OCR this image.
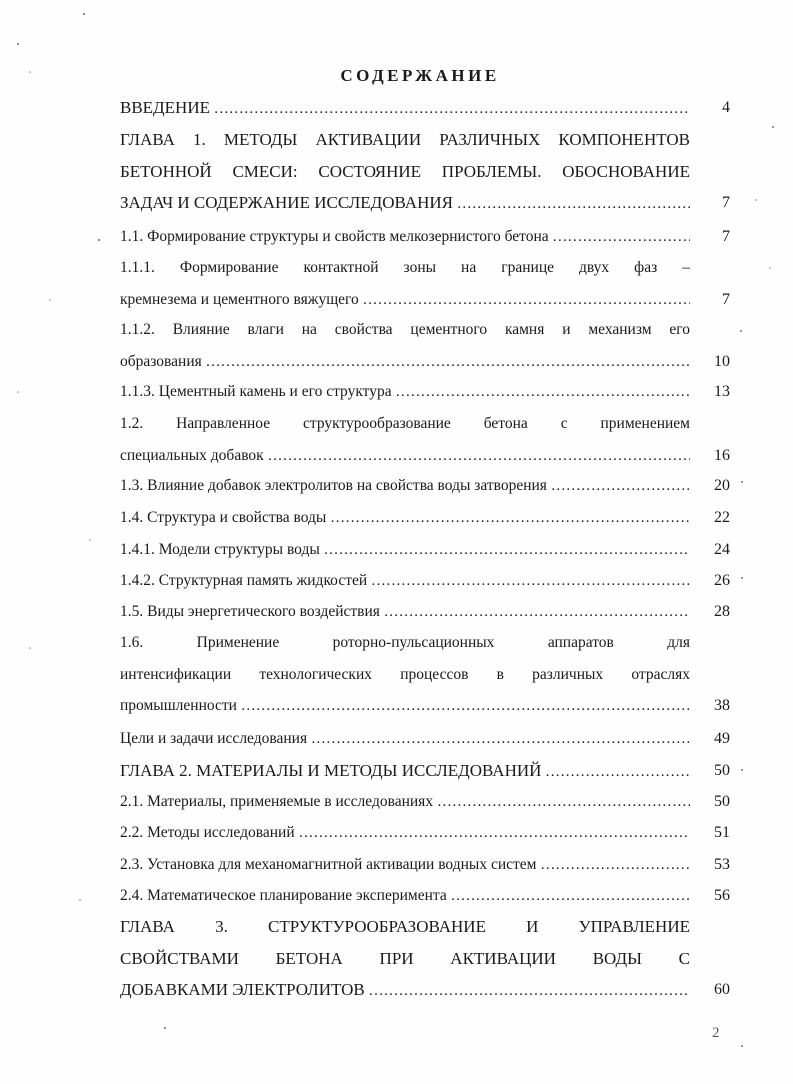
СОДЕРЖАНИЕ
ВВЕДЕНИЕ ………………………………………………………………………………………………………………………………………………………………………………………	4
ГЛАВА 1. МЕТОДЫ АКТИВАЦИИ РАЗЛИЧНЫХ КОМПОНЕНТОВ
БЕТОННОЙ СМЕСИ: СОСТОЯНИЕ ПРОБЛЕМЫ. ОБОСНОВАНИЕ
ЗАДАЧ И СОДЕРЖАНИЕ ИССЛЕДОВАНИЯ ………………………………………………………………………………………………………………………………………………………………………………………	7
1.1. Формирование структуры и свойств мелкозернистого бетона ………………………………………………………………………………………………………………………………………………………………………………………	7
1.1.1. Формирование контактной зоны на границе двух фаз –
кремнезема и цементного вяжущего ………………………………………………………………………………………………………………………………………………………………………………………	7
1.1.2. Влияние влаги на свойства цементного камня и механизм его
образования ………………………………………………………………………………………………………………………………………………………………………………………	10
1.1.3. Цементный камень и его структура ………………………………………………………………………………………………………………………………………………………………………………………	13
1.2. Направленное структурообразование бетона с применением
специальных добавок ………………………………………………………………………………………………………………………………………………………………………………………	16
1.3. Влияние добавок электролитов на свойства воды затворения ………………………………………………………………………………………………………………………………………………………………………………………	20
1.4. Структура и свойства воды ………………………………………………………………………………………………………………………………………………………………………………………	22
1.4.1. Модели структуры воды ………………………………………………………………………………………………………………………………………………………………………………………	24
1.4.2. Структурная память жидкостей ………………………………………………………………………………………………………………………………………………………………………………………	26
1.5. Виды энергетического воздействия ………………………………………………………………………………………………………………………………………………………………………………………	28
1.6. Применение роторно-пульсационных аппаратов для
интенсификации технологических процессов в различных отраслях
промышленности ………………………………………………………………………………………………………………………………………………………………………………………	38
Цели и задачи исследования ………………………………………………………………………………………………………………………………………………………………………………………	49
ГЛАВА 2. МАТЕРИАЛЫ И МЕТОДЫ ИССЛЕДОВАНИЙ ………………………………………………………………………………………………………………………………………………………………………………………	50
2.1. Материалы, применяемые в исследованиях ………………………………………………………………………………………………………………………………………………………………………………………	50
2.2. Методы исследований ………………………………………………………………………………………………………………………………………………………………………………………	51
2.3. Установка для механомагнитной активации водных систем ………………………………………………………………………………………………………………………………………………………………………………………	53
2.4. Математическое планирование эксперимента ………………………………………………………………………………………………………………………………………………………………………………………	56
ГЛАВА 3. СТРУКТУРООБРАЗОВАНИЕ И УПРАВЛЕНИЕ
СВОЙСТВАМИ БЕТОНА ПРИ АКТИВАЦИИ ВОДЫ С
ДОБАВКАМИ ЭЛЕКТРОЛИТОВ ………………………………………………………………………………………………………………………………………………………………………………………	60
2
